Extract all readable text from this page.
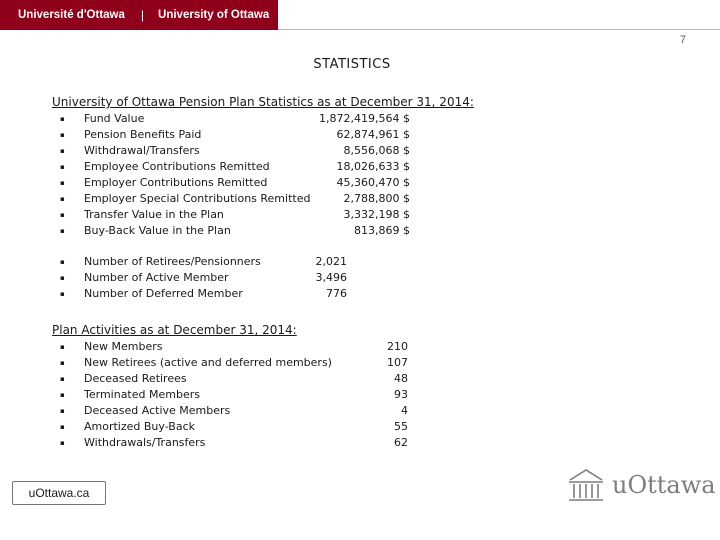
Université d'Ottawa | University of Ottawa
7
STATISTICS
University of Ottawa Pension Plan Statistics as at December 31, 2014:
▪ Fund Value	1,872,419,564 $
▪ Pension Benefits Paid	62,874,961 $
▪ Withdrawal/Transfers	8,556,068 $
▪ Employee Contributions Remitted	18,026,633 $
▪ Employer Contributions Remitted	45,360,470 $
▪ Employer Special Contributions Remitted	2,788,800 $
▪ Transfer Value in the Plan	3,332,198 $
▪ Buy-Back Value in the Plan	813,869 $
▪ Number of Retirees/Pensionners	2,021
▪ Number of Active Member	3,496
▪ Number of Deferred Member	776
Plan Activities as at December 31, 2014:
▪ New Members	210
▪ New Retirees (active and deferred members)	107
▪ Deceased Retirees	48
▪ Terminated Members	93
▪ Deceased Active Members	4
▪ Amortized Buy-Back	55
▪ Withdrawals/Transfers	62
uOttawa.ca	uOttawa
